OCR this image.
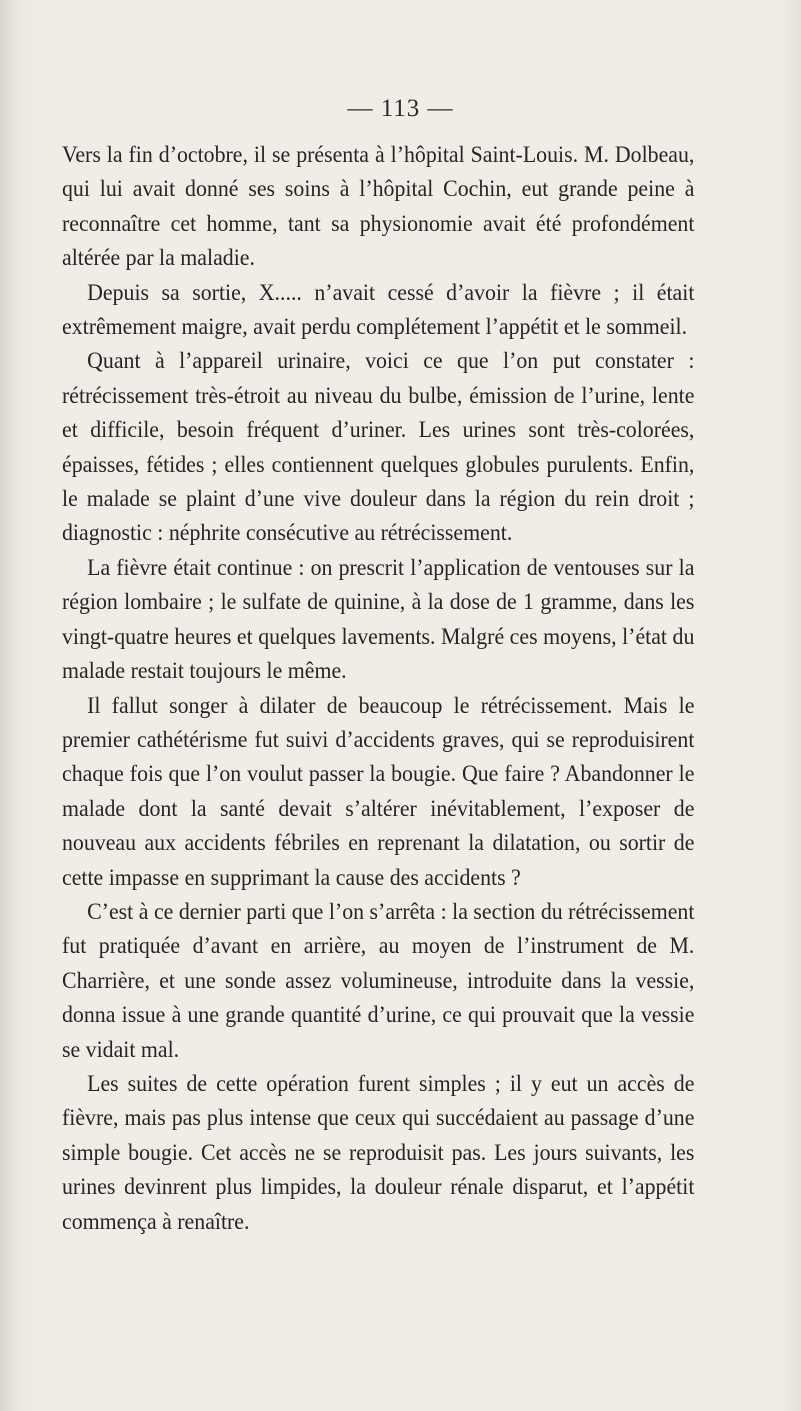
— 113 —

Vers la fin d’octobre, il se présenta à l’hôpital Saint-Louis. M. Dolbeau, qui lui avait donné ses soins à l’hôpital Cochin, eut grande peine à reconnaître cet homme, tant sa physionomie avait été profondément altérée par la maladie.

Depuis sa sortie, X..... n’avait cessé d’avoir la fièvre ; il était extrêmement maigre, avait perdu complétement l’appétit et le sommeil.

Quant à l’appareil urinaire, voici ce que l’on put constater : rétrécissement très-étroit au niveau du bulbe, émission de l’urine, lente et difficile, besoin fréquent d’uriner. Les urines sont très-colorées, épaisses, fétides ; elles contiennent quelques globules purulents. Enfin, le malade se plaint d’une vive douleur dans la région du rein droit ; diagnostic : néphrite consécutive au rétrécissement.

La fièvre était continue : on prescrit l’application de ventouses sur la région lombaire ; le sulfate de quinine, à la dose de 1 gramme, dans les vingt-quatre heures et quelques lavements. Malgré ces moyens, l’état du malade restait toujours le même.

Il fallut songer à dilater de beaucoup le rétrécissement. Mais le premier cathétérisme fut suivi d’accidents graves, qui se reproduisirent chaque fois que l’on voulut passer la bougie. Que faire ? Abandonner le malade dont la santé devait s’altérer inévitablement, l’exposer de nouveau aux accidents fébriles en reprenant la dilatation, ou sortir de cette impasse en supprimant la cause des accidents ?

C’est à ce dernier parti que l’on s’arrêta : la section du rétrécissement fut pratiquée d’avant en arrière, au moyen de l’instrument de M. Charrière, et une sonde assez volumineuse, introduite dans la vessie, donna issue à une grande quantité d’urine, ce qui prouvait que la vessie se vidait mal.

Les suites de cette opération furent simples ; il y eut un accès de fièvre, mais pas plus intense que ceux qui succédaient au passage d’une simple bougie. Cet accès ne se reproduisit pas. Les jours suivants, les urines devinrent plus limpides, la douleur rénale disparut, et l’appétit commença à renaître.
